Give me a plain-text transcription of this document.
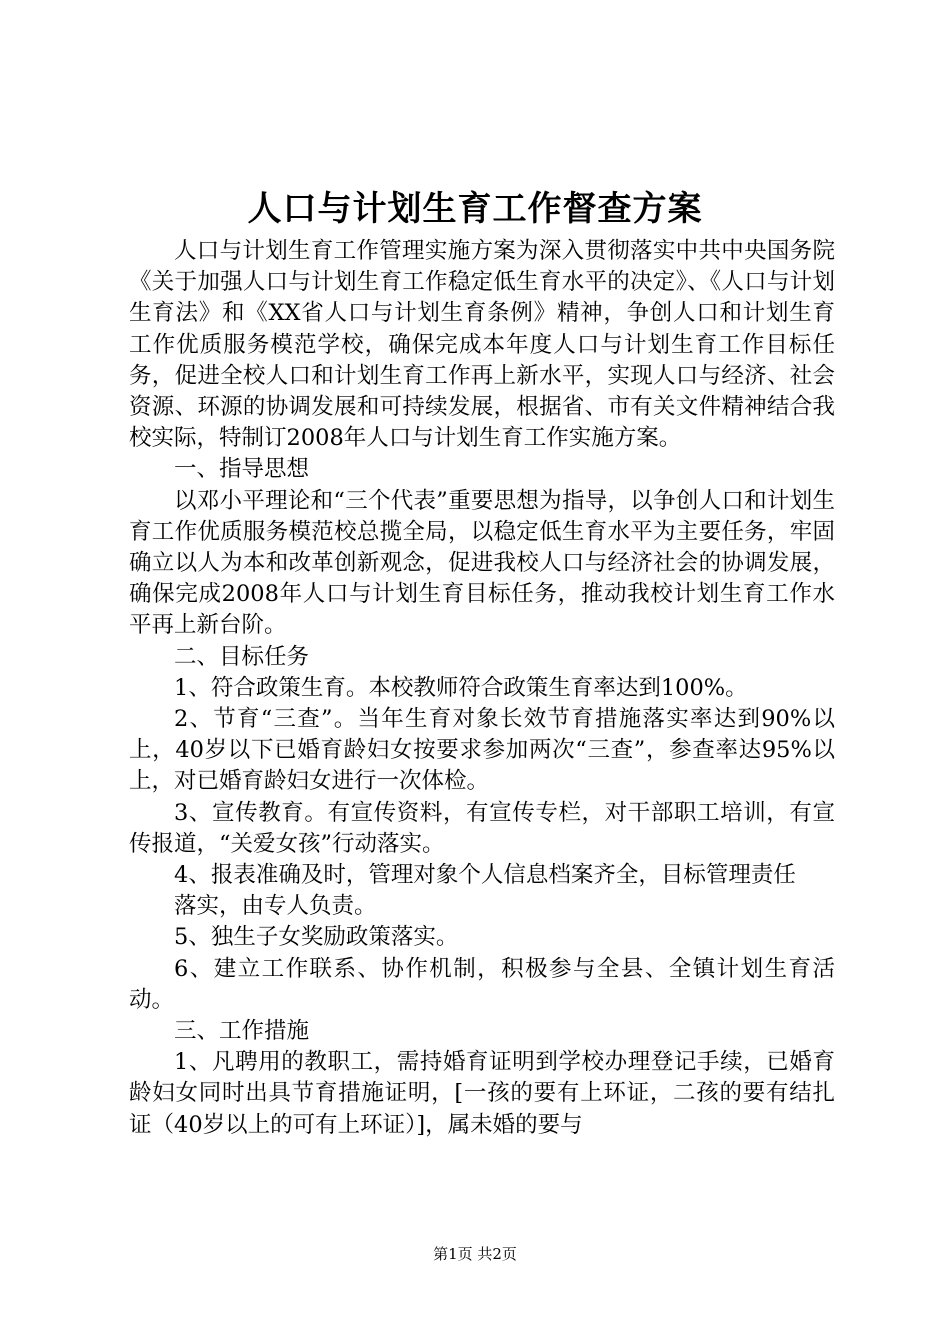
人口与计划生育工作督查方案

人口与计划生育工作管理实施方案为深入贯彻落实中共中央国务院《关于加强人口与计划生育工作稳定低生育水平的决定》、《人口与计划生育法》和《XX省人口与计划生育条例》精神，争创人口和计划生育工作优质服务模范学校，确保完成本年度人口与计划生育工作目标任务，促进全校人口和计划生育工作再上新水平，实现人口与经济、社会资源、环源的协调发展和可持续发展，根据省、市有关文件精神结合我校实际，特制订2008年人口与计划生育工作实施方案。

一、指导思想

以邓小平理论和“三个代表”重要思想为指导，以争创人口和计划生育工作优质服务模范校总揽全局，以稳定低生育水平为主要任务，牢固确立以人为本和改革创新观念，促进我校人口与经济社会的协调发展，确保完成2008年人口与计划生育目标任务，推动我校计划生育工作水平再上新台阶。

二、目标任务

1、符合政策生育。本校教师符合政策生育率达到100%。

2、节育“三查”。当年生育对象长效节育措施落实率达到90%以上，40岁以下已婚育龄妇女按要求参加两次“三查”，参查率达95%以上，对已婚育龄妇女进行一次体检。

3、宣传教育。有宣传资料，有宣传专栏，对干部职工培训，有宣传报道，“关爱女孩”行动落实。

4、报表准确及时，管理对象个人信息档案齐全，目标管理责任

落实，由专人负责。

5、独生子女奖励政策落实。

6、建立工作联系、协作机制，积极参与全县、全镇计划生育活动。

三、工作措施

1、凡聘用的教职工，需持婚育证明到学校办理登记手续，已婚育龄妇女同时出具节育措施证明，[一孩的要有上环证，二孩的要有结扎证（40岁以上的可有上环证）]，属未婚的要与

第1页 共2页
